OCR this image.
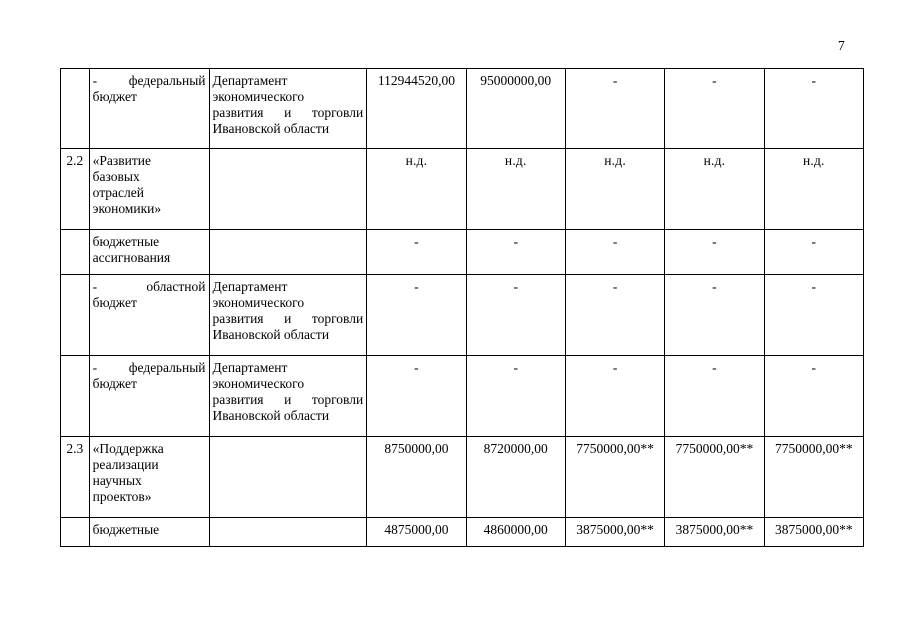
7

	- федеральный
бюджет	Департамент
экономического
развития и торговли
Ивановской области	112944520,00	95000000,00	-	-	-
2.2	«Развитие
базовых
отраслей
экономики»		н.д.	н.д.	н.д.	н.д.	н.д.

	бюджетные
ассигнования		-	-	-	-	-

	- областной
бюджет	Департамент
экономического
развития и торговли
Ивановской области	-	-	-	-	-

	- федеральный
бюджет	Департамент
экономического
развития и торговли
Ивановской области	-	-	-	-	-
2.3	«Поддержка
реализации
научных
проектов»		8750000,00	8720000,00	7750000,00**	7750000,00**	7750000,00**

	бюджетные		4875000,00	4860000,00	3875000,00**	3875000,00**	3875000,00**
